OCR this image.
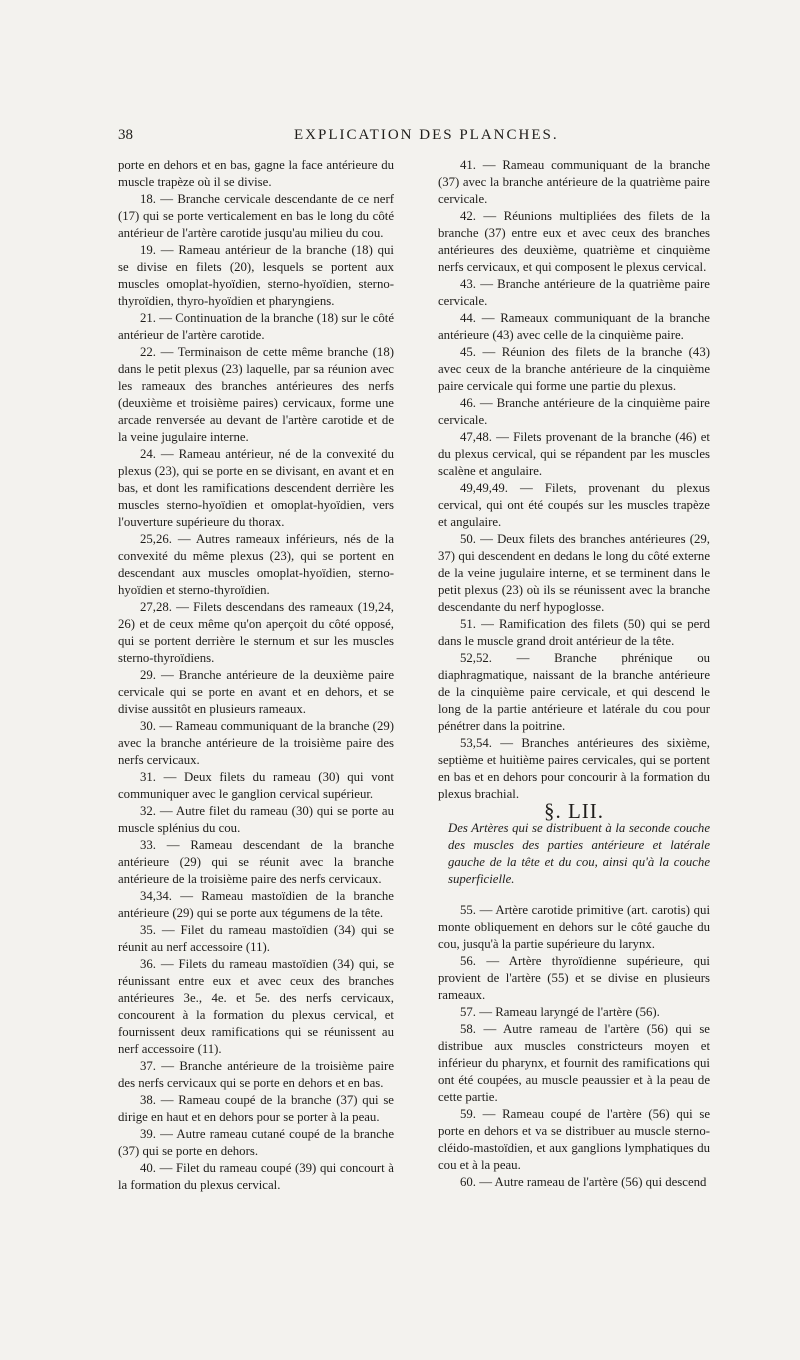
38	EXPLICATION DES PLANCHES.

porte en dehors et en bas, gagne la face antérieure du muscle trapèze où il se divise.

18. — Branche cervicale descendante de ce nerf (17) qui se porte verticalement en bas le long du côté antérieur de l'artère carotide jusqu'au milieu du cou.

19. — Rameau antérieur de la branche (18) qui se divise en filets (20), lesquels se portent aux muscles omoplat-hyoïdien, sterno-hyoïdien, sterno-thyroïdien, thyro-hyoïdien et pharyngiens.

21. — Continuation de la branche (18) sur le côté antérieur de l'artère carotide.

22. — Terminaison de cette même branche (18) dans le petit plexus (23) laquelle, par sa réunion avec les rameaux des branches antérieures des nerfs (deuxième et troisième paires) cervicaux, forme une arcade renversée au devant de l'artère carotide et de la veine jugulaire interne.

24. — Rameau antérieur, né de la convexité du plexus (23), qui se porte en se divisant, en avant et en bas, et dont les ramifications descendent derrière les muscles sterno-hyoïdien et omoplat-hyoïdien, vers l'ouverture supérieure du thorax.

25,26. — Autres rameaux inférieurs, nés de la convexité du même plexus (23), qui se portent en descendant aux muscles omoplat-hyoïdien, sterno-hyoïdien et sterno-thyroïdien.

27,28. — Filets descendans des rameaux (19,24, 26) et de ceux même qu'on aperçoit du côté opposé, qui se portent derrière le sternum et sur les muscles sterno-thyroïdiens.

29. — Branche antérieure de la deuxième paire cervicale qui se porte en avant et en dehors, et se divise aussitôt en plusieurs rameaux.

30. — Rameau communiquant de la branche (29) avec la branche antérieure de la troisième paire des nerfs cervicaux.

31. — Deux filets du rameau (30) qui vont communiquer avec le ganglion cervical supérieur.

32. — Autre filet du rameau (30) qui se porte au muscle splénius du cou.

33. — Rameau descendant de la branche antérieure (29) qui se réunit avec la branche antérieure de la troisième paire des nerfs cervicaux.

34,34. — Rameau mastoïdien de la branche antérieure (29) qui se porte aux tégumens de la tête.

35. — Filet du rameau mastoïdien (34) qui se réunit au nerf accessoire (11).

36. — Filets du rameau mastoïdien (34) qui, se réunissant entre eux et avec ceux des branches antérieures 3e., 4e. et 5e. des nerfs cervicaux, concourent à la formation du plexus cervical, et fournissent deux ramifications qui se réunissent au nerf accessoire (11).

37. — Branche antérieure de la troisième paire des nerfs cervicaux qui se porte en dehors et en bas.

38. — Rameau coupé de la branche (37) qui se dirige en haut et en dehors pour se porter à la peau.

39. — Autre rameau cutané coupé de la branche (37) qui se porte en dehors.

40. — Filet du rameau coupé (39) qui concourt à la formation du plexus cervical.

41. — Rameau communiquant de la branche (37) avec la branche antérieure de la quatrième paire cervicale.

42. — Réunions multipliées des filets de la branche (37) entre eux et avec ceux des branches antérieures des deuxième, quatrième et cinquième nerfs cervicaux, et qui composent le plexus cervical.

43. — Branche antérieure de la quatrième paire cervicale.

44. — Rameaux communiquant de la branche antérieure (43) avec celle de la cinquième paire.

45. — Réunion des filets de la branche (43) avec ceux de la branche antérieure de la cinquième paire cervicale qui forme une partie du plexus.

46. — Branche antérieure de la cinquième paire cervicale.

47,48. — Filets provenant de la branche (46) et du plexus cervical, qui se répandent par les muscles scalène et angulaire.

49,49,49. — Filets, provenant du plexus cervical, qui ont été coupés sur les muscles trapèze et angulaire.

50. — Deux filets des branches antérieures (29, 37) qui descendent en dedans le long du côté externe de la veine jugulaire interne, et se terminent dans le petit plexus (23) où ils se réunissent avec la branche descendante du nerf hypoglosse.

51. — Ramification des filets (50) qui se perd dans le muscle grand droit antérieur de la tête.

52,52. — Branche phrénique ou diaphragmatique, naissant de la branche antérieure de la cinquième paire cervicale, et qui descend le long de la partie antérieure et latérale du cou pour pénétrer dans la poitrine.

53,54. — Branches antérieures des sixième, septième et huitième paires cervicales, qui se portent en bas et en dehors pour concourir à la formation du plexus brachial.

§. LII.

Des Artères qui se distribuent à la seconde couche des muscles des parties antérieure et latérale gauche de la tête et du cou, ainsi qu'à la couche superficielle.

55. — Artère carotide primitive (art. carotis) qui monte obliquement en dehors sur le côté gauche du cou, jusqu'à la partie supérieure du larynx.

56. — Artère thyroïdienne supérieure, qui provient de l'artère (55) et se divise en plusieurs rameaux.

57. — Rameau laryngé de l'artère (56).

58. — Autre rameau de l'artère (56) qui se distribue aux muscles constricteurs moyen et inférieur du pharynx, et fournit des ramifications qui ont été coupées, au muscle peaussier et à la peau de cette partie.

59. — Rameau coupé de l'artère (56) qui se porte en dehors et va se distribuer au muscle sterno-cléido-mastoïdien, et aux ganglions lymphatiques du cou et à la peau.

60. — Autre rameau de l'artère (56) qui descend
